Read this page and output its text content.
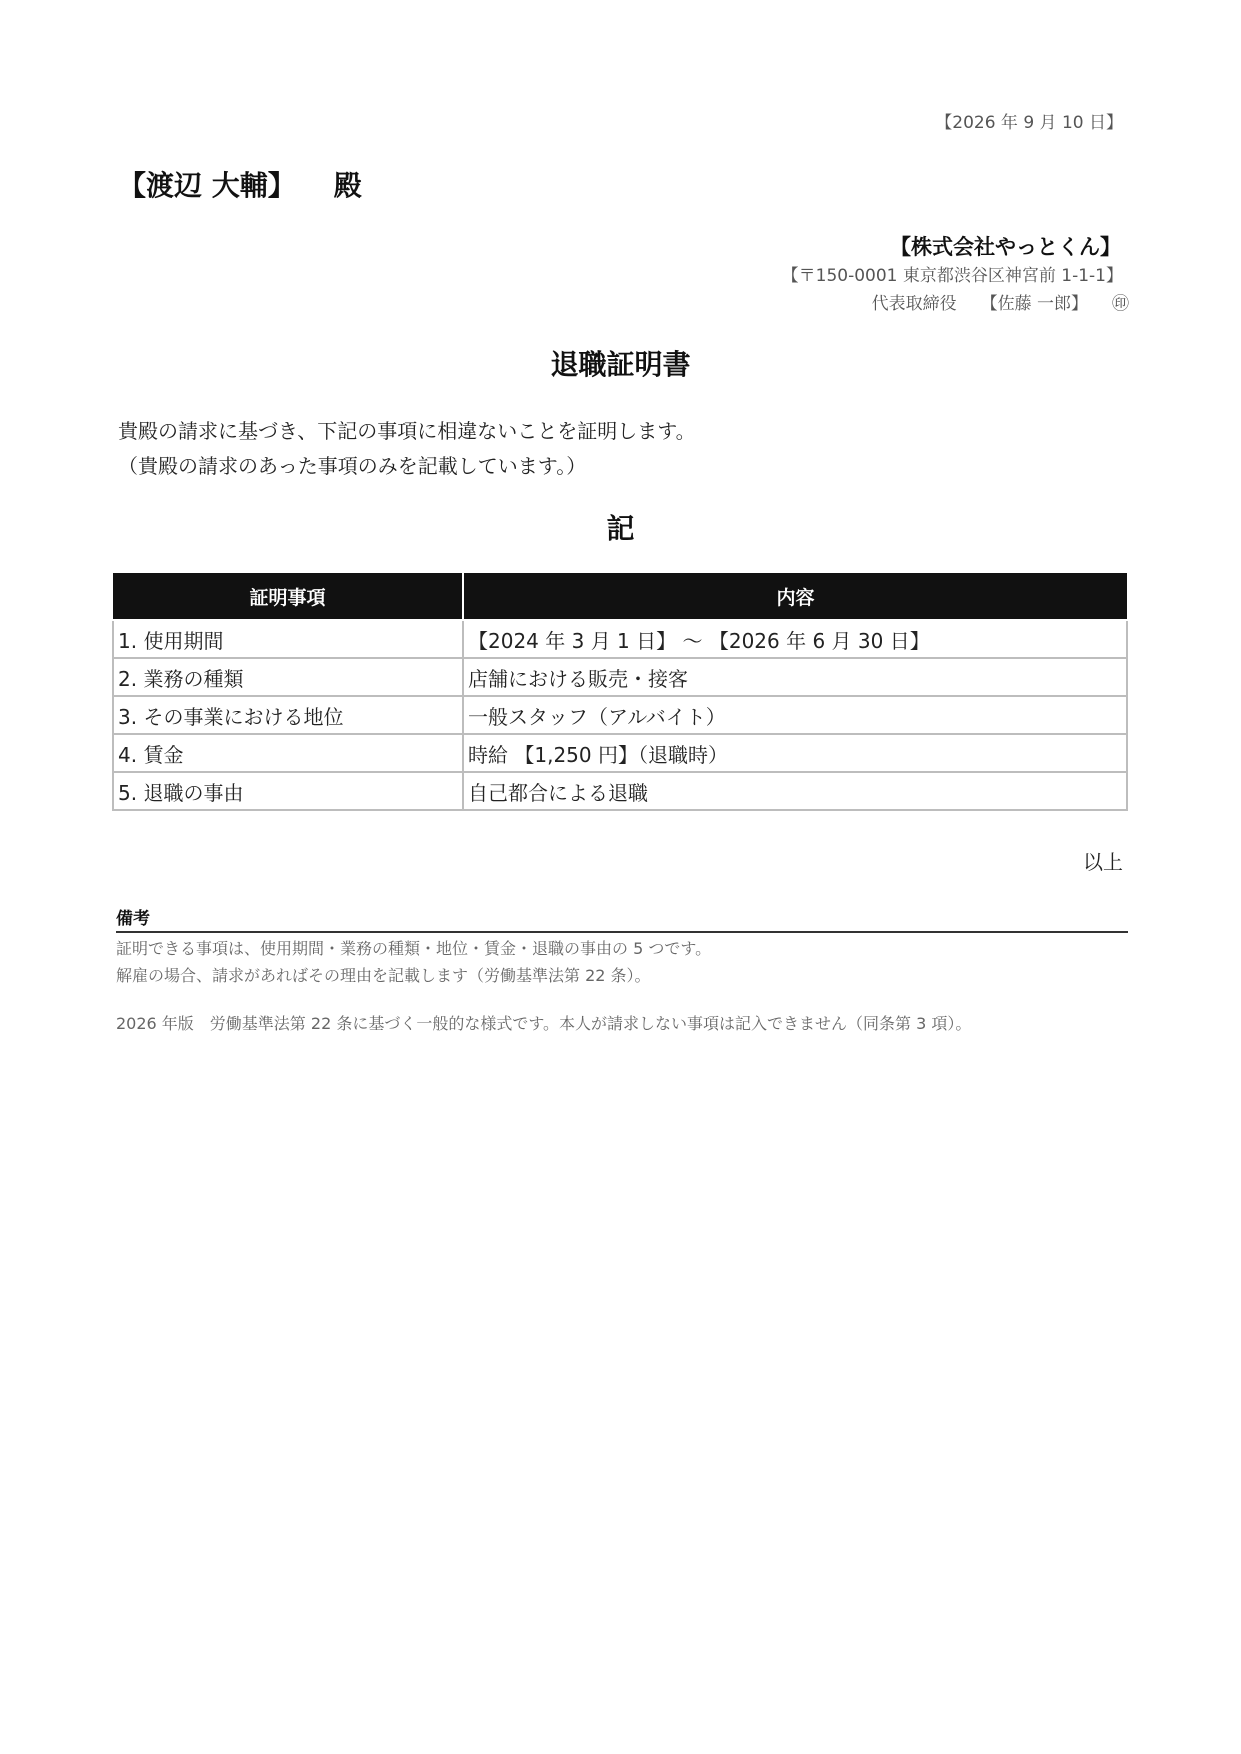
【2026 年 9 月 10 日】
【渡辺 大輔】 殿
【株式会社やっとくん】
【〒150-0001 東京都渋谷区神宮前 1-1-1】
代表取締役 【佐藤 一郎】 ㊞
退職証明書
貴殿の請求に基づき、下記の事項に相違ないことを証明します。
（貴殿の請求のあった事項のみを記載しています。）
記
証明事項	内容
1. 使用期間	【2024 年 3 月 1 日】 〜 【2026 年 6 月 30 日】
2. 業務の種類	店舗における販売・接客
3. その事業における地位	一般スタッフ（アルバイト）
4. 賃金	時給 【1,250 円】（退職時）
5. 退職の事由	自己都合による退職
以上
備考
証明できる事項は、使用期間・業務の種類・地位・賃金・退職の事由の 5 つです。
解雇の場合、請求があればその理由を記載します（労働基準法第 22 条）。
2026 年版　労働基準法第 22 条に基づく一般的な様式です。本人が請求しない事項は記入できません（同条第 3 項）。
